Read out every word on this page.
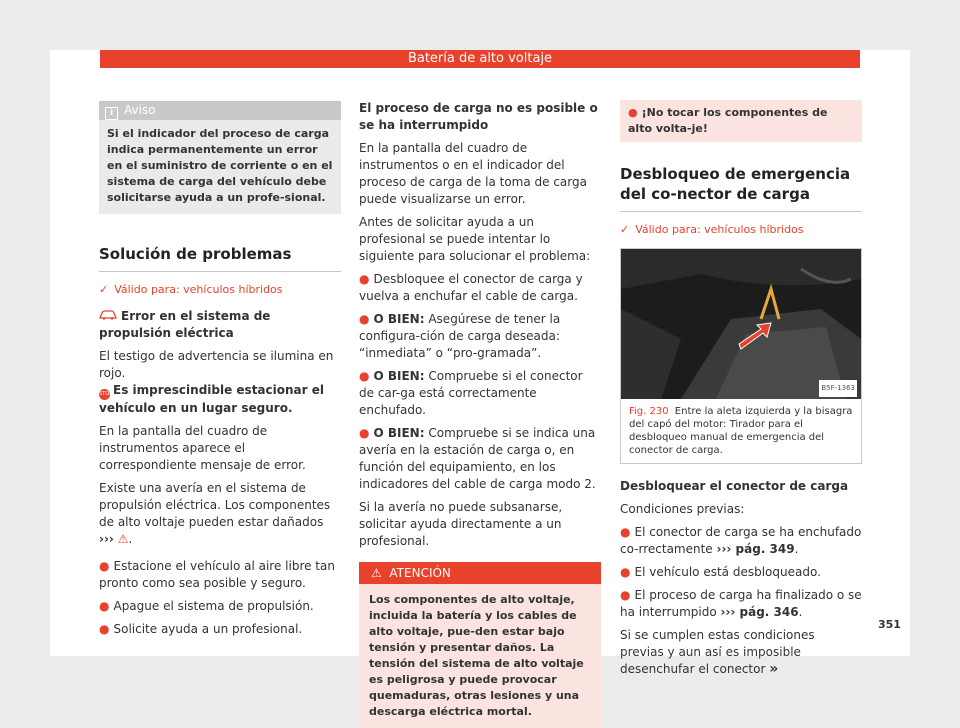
Batería de alto voltaje
i Aviso
Si el indicador del proceso de carga indica permanentemente un error en el suministro de corriente o en el sistema de carga del vehículo debe solicitarse ayuda a un profe-sional.
Solución de problemas
✓ Válido para: vehículos híbridos

Error en el sistema de propulsión eléctrica

El testigo de advertencia se ilumina en rojo.
STOPEs imprescindible estacionar el vehículo en un lugar seguro.

En la pantalla del cuadro de instrumentos aparece el correspondiente mensaje de error.

Existe una avería en el sistema de propulsión eléctrica. Los componentes de alto voltaje pueden estar dañados ››› ⚠.

● Estacione el vehículo al aire libre tan pronto como sea posible y seguro.

● Apague el sistema de propulsión.

● Solicite ayuda a un profesional.

El proceso de carga no es posible o se ha interrumpido

En la pantalla del cuadro de instrumentos o en el indicador del proceso de carga de la toma de carga puede visualizarse un error.

Antes de solicitar ayuda a un profesional se puede intentar lo siguiente para solucionar el problema:

● Desbloquee el conector de carga y vuelva a enchufar el cable de carga.

● O BIEN: Asegúrese de tener la configura-ción de carga deseada: “inmediata” o “pro-gramada”.

● O BIEN: Compruebe si el conector de car-ga está correctamente enchufado.

● O BIEN: Compruebe si se indica una avería en la estación de carga o, en función del equipamiento, en los indicadores del cable de carga modo 2.

Si la avería no puede subsanarse, solicitar ayuda directamente a un profesional.

⚠ ATENCIÓN
Los componentes de alto voltaje, incluida la batería y los cables de alto voltaje, pue-den estar bajo tensión y presentar daños. La tensión del sistema de alto voltaje es peligrosa y puede provocar quemaduras, otras lesiones y una descarga eléctrica mortal.
● ¡No tocar los componentes de alto volta-je!
Desbloqueo de emergencia del co-nector de carga
✓ Válido para: vehículos híbridos
B5F-1363
Fig. 230 Entre la aleta izquierda y la bisagra del capó del motor: Tirador para el desbloqueo manual de emergencia del conector de carga.

Desbloquear el conector de carga

Condiciones previas:

● El conector de carga se ha enchufado co-rrectamente ››› pág. 349.

● El vehículo está desbloqueado.

● El proceso de carga ha finalizado o se ha interrumpido ››› pág. 346.

Si se cumplen estas condiciones previas y aun así es imposible desenchufar el conector »

351
